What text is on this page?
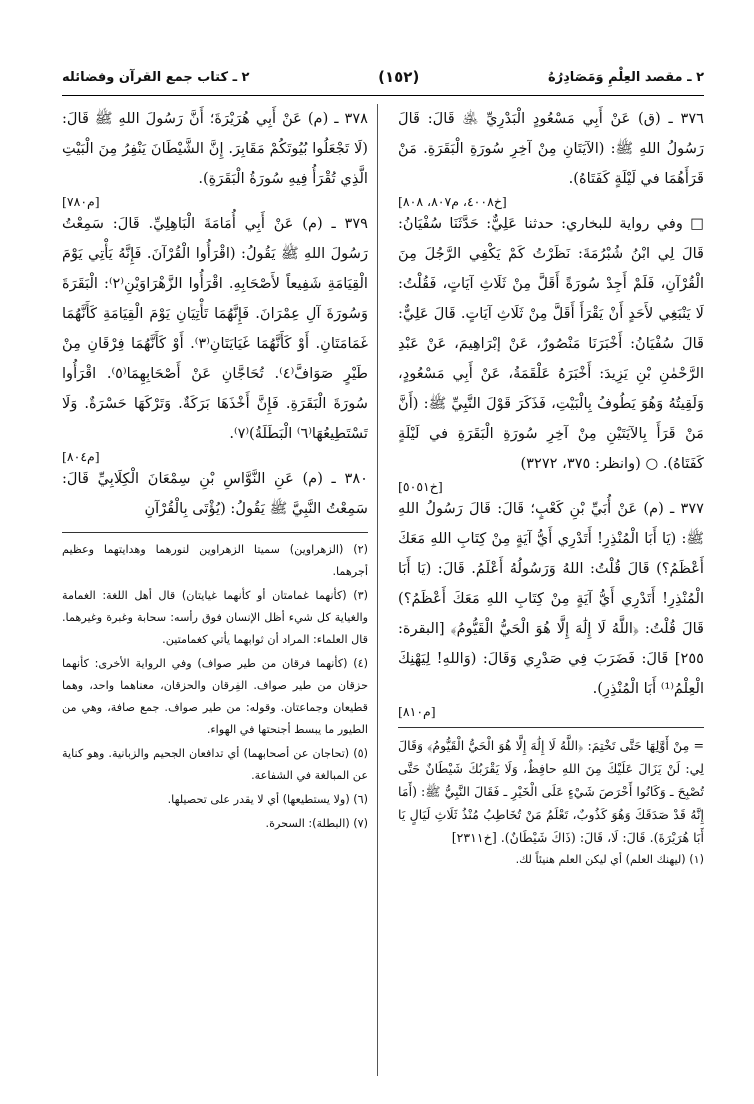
٢ ـ مقصد العِلْمِ وَمَصَادِرُهُ
(١٥٢)
٢ ـ كتاب جمع القرآن وفضائله

٣٧٦ ـ (ق) عَنْ أَبِي مَسْعُودٍ الْبَدْرِيِّ ﵁ قَالَ: قَالَ رَسُولُ اللهِ ﷺ: (الآيَتَانِ مِنْ آخِرِ سُورَةِ الْبَقَرَةِ. مَنْ قَرَأَهُمَا في لَيْلَةٍ كَفَتَاهُ).

[خ٤٠٠٨، م٨٠٧، ٨٠٨]

□ وفي رواية للبخاري: حدثنا عَلِيٌّ: حَدَّثَنَا سُفْيَانُ: قَالَ لِي ابْنُ شُبْرُمَةَ: نَظَرْتُ كَمْ يَكْفِي الرَّجُلَ مِنَ الْقُرْآنِ، فَلَمْ أَجِدْ سُورَةً أَقَلَّ مِنْ ثَلَاثِ آيَاتٍ، فَقُلْتُ: لَا يَنْبَغِي لأَحَدٍ أَنْ يَقْرَأَ أَقَلَّ مِنْ ثَلَاثِ آيَاتٍ. قَالَ عَلِيٌّ: قَالَ سُفْيَانُ: أَخْبَرَنَا مَنْصُورٌ، عَنْ إبْرَاهِيمَ، عَنْ عَبْدِ الرَّحْمٰنِ بْنِ يَزِيدَ: أَخْبَرَهُ عَلْقَمَةُ، عَنْ أَبِي مَسْعُودٍ، وَلَقِيتُهُ وَهُوَ يَطُوفُ بِالْبَيْتِ، فَذَكَرَ قَوْلَ النَّبِيِّ ﷺ: (أَنَّ مَنْ قَرَأَ بِالآيَتَيْنِ مِنْ آخِرِ سُورَةِ الْبَقَرَةِ في لَيْلَةٍ كَفَتَاهُ). ○ (وانظر: ٣٧٥، ٣٢٧٢)

[خ٥٠٥١]

٣٧٧ ـ (م) عَنْ أُبَيِّ بْنِ كَعْبٍ؛ قَالَ: قَالَ رَسُولُ اللهِ ﷺ: (يَا أَبَا الْمُنْذِرِ! أَتَدْرِي أَيُّ آيَةٍ مِنْ كِتَابِ اللهِ مَعَكَ أَعْظَمُ؟) قَالَ قُلْتُ: اللهُ وَرَسُولُهُ أَعْلَمُ. قَالَ: (يَا أَبَا الْمُنْذِرِ! أَتَدْرِي أَيُّ آيَةٍ مِنْ كِتَابِ اللهِ مَعَكَ أَعْظَمُ؟) قَالَ قُلْتُ: ﴿اللَّهُ لَا إِلَٰهَ إِلَّا هُوَ الْحَيُّ الْقَيُّومُ﴾ [البقرة: ٢٥٥] قَالَ: فَضَرَبَ فِي صَدْرِي وَقَالَ: (وَاللهِ! لِيَهْنِكَ الْعِلْمُ⁽¹⁾ أَبَا الْمُنْذِرِ).

[م٨١٠]

= مِنْ أَوَّلِهَا حَتَّى تَخْتِمَ: ﴿اللَّهُ لَا إِلَٰهَ إِلَّا هُوَ الْحَيُّ الْقَيُّومُ﴾ وَقَالَ لِي: لَنْ يَزَالَ عَلَيْكَ مِنَ اللهِ حافِظٌ، وَلَا يَقْرَبُكَ شَيْطَانٌ حَتَّى تُصْبِحَ ـ وَكَانُوا أَحْرَصَ شَيْءٍ عَلَى الْخَيْرِ ـ فَقَالَ النَّبِيُّ ﷺ: (أَمَا إِنَّهُ قَدْ صَدَقَكَ وَهُوَ كَذُوبٌ، تَعْلَمُ مَنْ تُخَاطِبُ مُنْذُ ثَلَاثِ لَيَالٍ يَا أَبَا هُرَيْرَةَ). قَالَ: لَا، قَالَ: (ذَاكَ شَيْطَانٌ). [خ٢٣١١]

(١) (ليهنك العلم) أي ليكن العلم هنيئاً لك.

٣٧٨ ـ (م) عَنْ أَبِي هُرَيْرَةَ؛ أَنَّ رَسُولَ اللهِ ﷺ قَالَ: (لَا تَجْعَلُوا بُيُوتَكُمْ مَقَابِرَ. إِنَّ الشَّيْطَانَ يَنْفِرُ مِنَ الْبَيْتِ الَّذِي تُقْرَأُ فِيهِ سُورَةُ الْبَقَرَةِ).

[م٧٨٠]

٣٧٩ ـ (م) عَنْ أَبِي أُمَامَةَ الْبَاهِلِيِّ. قَالَ: سَمِعْتُ رَسُولَ اللهِ ﷺ يَقُولُ: (اقْرَأُوا الْقُرْآنَ. فَإِنَّهُ يَأْتِي يَوْمَ الْقِيَامَةِ شَفِيعاً لأَصْحَابِهِ. اقْرَأُوا الزَّهْرَاوَيْنِ⁽٢⁾: الْبَقَرَةَ وَسُورَةَ آلِ عِمْرَانَ. فَإِنَّهُمَا تَأْتِيَانِ يَوْمَ الْقِيَامَةِ كَأَنَّهُمَا غَمَامَتَانِ. أَوْ كَأَنَّهُمَا غَيَايَتَانِ⁽٣⁾. أَوْ كَأَنَّهُمَا فِرْقَانِ مِنْ طَيْرٍ صَوَافَّ⁽٤⁾. تُحَاجَّانِ عَنْ أَصْحَابِهِمَا⁽٥⁾. اقْرَأُوا سُورَةَ الْبَقَرَةِ. فَإِنَّ أَخْذَهَا بَرَكَةٌ. وَتَرْكَهَا حَسْرَةٌ. وَلَا تَسْتَطِيعُهَا⁽٦⁾ الْبَطَلَةُ)⁽٧⁾.

[م٨٠٤]

٣٨٠ ـ (م) عَنِ النَّوَّاسِ بْنِ سِمْعَانَ الْكِلَابِيِّ قَالَ: سَمِعْتُ النَّبِيَّ ﷺ يَقُولُ: (يُؤْتَى بِالْقُرْآنِ

(٢) (الزهراوين) سميتا الزهراوين لنورهما وهدايتهما وعظيم أجرهما.

(٣) (كأنهما غمامتان أو كأنهما غيايتان) قال أهل اللغة: الغمامة والغياية كل شيء أظل الإنسان فوق رأسه: سحابة وغبرة وغيرهما. قال العلماء: المراد أن ثوابهما يأتي كغمامتين.

(٤) (كأنهما فرقان من طير صواف) وفي الرواية الأخرى: كأنهما حزقان من طير صواف. الفِرقان والحزقان، معناهما واحد، وهما قطيعان وجماعتان. وقوله: من طير صواف. جمع صافة، وهي من الطيور ما يبسط أجنحتها في الهواء.

(٥) (تحاجان عن أصحابهما) أي تدافعان الجحيم والزبانية. وهو كناية عن المبالغة في الشفاعة.

(٦) (ولا يستطيعها) أي لا يقدر على تحصيلها.

(٧) (البطلة): السحرة.
